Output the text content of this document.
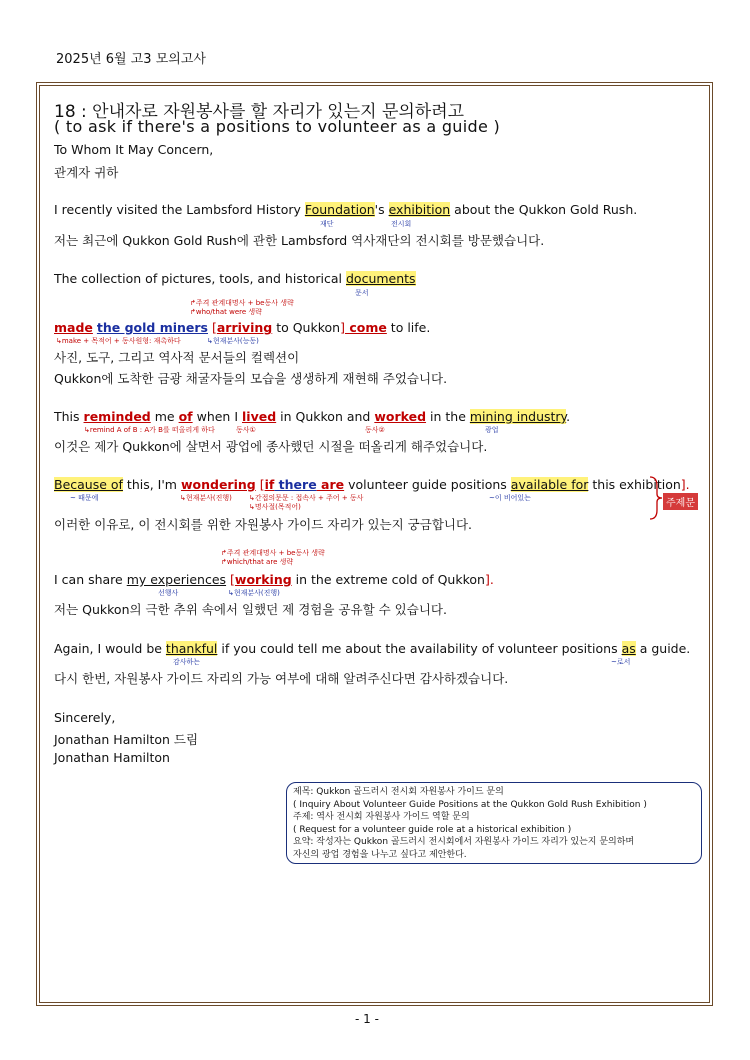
2025년 6월 고3 모의고사
18 : 안내자로 자원봉사를 할 자리가 있는지 문의하려고
( to ask if there's a positions to volunteer as a guide )
To Whom It May Concern,
관계자 귀하
I recently visited the Lambsford History Foundation's exhibition about the Qukkon Gold Rush.
재단	전시회
저는 최근에 Qukkon Gold Rush에 관한 Lambsford 역사재단의 전시회를 방문했습니다.
The collection of pictures, tools, and historical documents
문서
↱주격 관계대명사 + be동사 생략
↱who/that were 생략
made the gold miners [arriving to Qukkon] come to life.
↳make + 목적어 + 동사원형: 재촉하다	↳현재분사(능동)
사진, 도구, 그리고 역사적 문서들의 컬렉션이
Qukkon에 도착한 금광 채굴자들의 모습을 생생하게 재현해 주었습니다.
This reminded me of when I lived in Qukkon and worked in the mining industry.
↳remind A of B : A가 B를 떠올리게 하다	동사①	동사②	광업
이것은 제가 Qukkon에 살면서 광업에 종사했던 시절을 떠올리게 해주었습니다.
Because of this, I'm wondering [if there are volunteer guide positions available for this exhibition].
~ 때문에	↳현재분사(진행) ↳간접의문문 : 접속사 + 주어 + 동사
↳명사절(목적어)
~이 비어있는	주제문
이러한 이유로, 이 전시회를 위한 자원봉사 가이드 자리가 있는지 궁금합니다.
↱주격 관계대명사 + be동사 생략
↱which/that are 생략
I can share my experiences [working in the extreme cold of Qukkon].
선행사	↳현재분사(진행)
저는 Qukkon의 극한 추위 속에서 일했던 제 경험을 공유할 수 있습니다.
Again, I would be thankful if you could tell me about the availability of volunteer positions as a guide.
감사하는	~로서
다시 한번, 자원봉사 가이드 자리의 가능 여부에 대해 알려주신다면 감사하겠습니다.
Sincerely,
Jonathan Hamilton 드림
Jonathan Hamilton
제목: Qukkon 골드러시 전시회 자원봉사 가이드 문의
( Inquiry About Volunteer Guide Positions at the Qukkon Gold Rush Exhibition )
주제: 역사 전시회 자원봉사 가이드 역할 문의
( Request for a volunteer guide role at a historical exhibition )
요약: 작성자는 Qukkon 골드러시 전시회에서 자원봉사 가이드 자리가 있는지 문의하며
자신의 광업 경험을 나누고 싶다고 제안한다.
- 1 -
